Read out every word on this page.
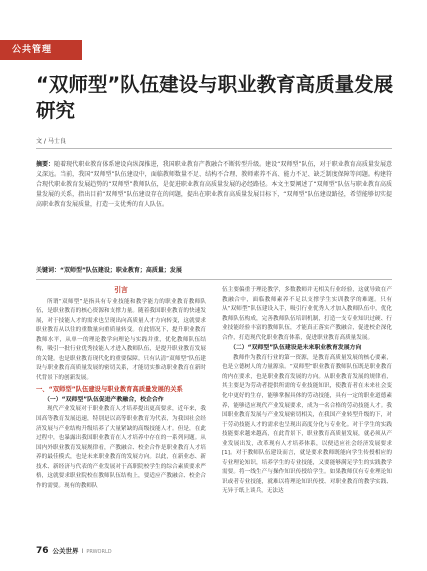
公共管理
“双师型”队伍建设与职业教育高质量发展研究
文 / 马士良
摘要：随着现代职业教育体系建设向纵深推进，我国职业教育产教融合不断转型升级。建设“双师型”队伍，对于职业教育高质量发展意义深远。当前，我国“双师型”队伍建设中，面临教师数量不足、结构不合理、教师素养不高、能力不足、缺乏制度保障等问题。构建符合现代职业教育发展趋势的“双师型”教师队伍，是促进职业教育高质量发展的必经路径。本文主要阐述了“双师型”队伍与职业教育高质量发展的关系，指出目前“双师型”队伍建设存在的问题，提出在职业教育高质量发展目标下，“双师型”队伍建设路径，希望能够切实提高职业教育发展质量，打造一支优秀的育人队伍。
关键词：“双师型”队伍建设；职业教育；高质量；发展
引言

所谓“双师型”是指具有专业技能和教学能力的职业教育教师队伍，是职业教育的核心资源和支撑力量。随着我国职业教育的快速发展，对于技能人才的需求也呈现出向高质量人才方向转变，这就要求职业教育从以往的重数量向重质量转变。在此情况下，提升职业教育教师水平，从单一的理论教学向理论与实践并重，优化教师队伍结构，吸引一批行业优秀技能人才进入教师队伍，是提升职业教育发展的关键。也是职业教育现代化的重要保障。只有认清“双师型”队伍建设与职业教育高质量发展的密切关系，才能切实推动职业教育在新时代背景下的创新发展。

一、“双师型”队伍建设与职业教育高质量发展的关系
（一）“双师型”队伍促进产教融合，校企合作

现代产业发展对于职业教育人才培养提出更高要求，近年来，我国高等教育发展迅速，特别是以高等职业教育为代表，为我国社会经济发展与产业结构升级培养了大量紧缺的高级技能人才。但是，在此过程中，也暴露出我国职业教育在人才培养中存在的一系列问题。从国内外职业教育发展规律看，产教融合、校企合作是职业教育人才培养的最佳模式，也是未来职业教育的发展方向。以此，在新业态、新技术、新经济与代表的产业发展对于高职院校学生的综合素质要求严格，这就要求职业院校在教师队伍结构上，要适应产教融合、校企合作的需要。现有的教师队

伍主要偏重于理论教学，多数教师并无相关行业经验，这就导致在产教融合中，面临教师素养不足以支撑学生实训教学的难题。只有从“双师型”队伍建设入手，吸引行业优秀人才加入教师队伍中，优化教师队伍构成，完善教师队伍培训机制，打造一支专业知识过硬、行业技能经验丰富的教师队伍，才能真正落实产教融合，促进校企深化合作，打造现代化职业教育体系，促进职业教育高质量发展。

（二）“双师型”队伍建设是未来职业教育发展方向

教师作为教育行业的第一资源，是教育高质量发展的核心要素，也是立德树人的力量源泉。“双师型”职业教育教师队伍既是职业教育的内在要求，也是职业教育发展的方向。从职业教育发展的规律看，其主要是为劳动者提供所需的专业技能知识，使教育者在未来社会变化中更好的生存，能够掌握具体的劳动技能，具有一定的职业道德素养，能够适应现代产业发展要求，成为一名合格的劳动技能人才。我国职业教育发展与产业发展密切相关，在我国产业转型升级的下，对于劳动技能人才的需求也呈现出高度分化与专业化。对于学生的实践技能要求越来越高，在此背景下，职业教育高质量发展，就必须从产业发展出发，改革现有人才培养体系，以便适应社会经济发展要求[1]。对于教师队伍建设而言，就是要求教师既能向学生传授相应的专业理论知识，培养学生的专业技能，又要能够满足学生的实践教学需要。将一线生产与操作知识传授给学生。如果教师仅有专业理论知识或者专业技能，就难以将理论知识传授、对职业教育的教学实践、无异于纸上谈兵，无法达

76 公关世界 I PRWORLD
